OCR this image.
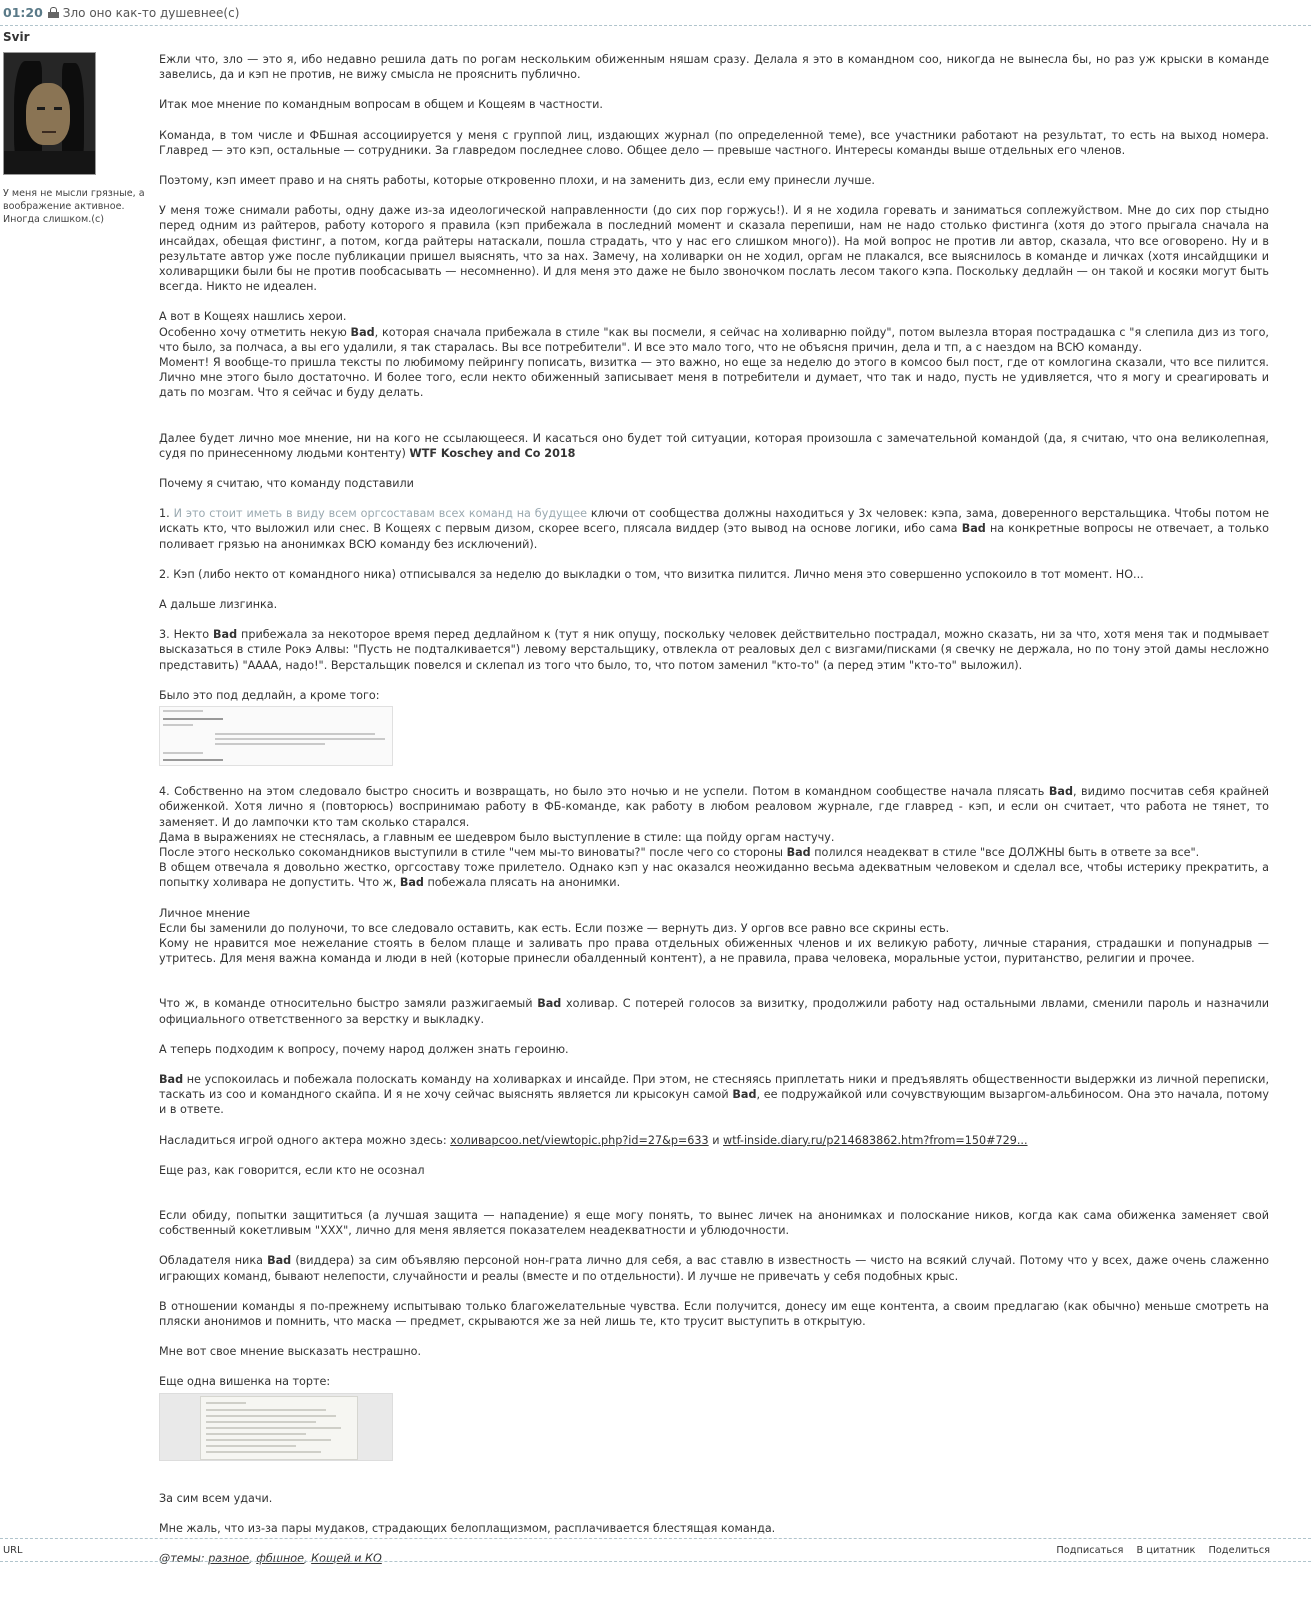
01:20 Зло оно как-то душевнее(с)
Svir
У меня не мысли грязные, а воображение активное. Иногда слишком.(с)

Ежли что, зло — это я, ибо недавно решила дать по рогам нескольким обиженным няшам сразу. Делала я это в командном соо, никогда не вынесла бы, но раз уж крыски в команде завелись, да и кэп не против, не вижу смысла не прояснить публично.

Итак мое мнение по командным вопросам в общем и Кощеям в частности.

Команда, в том числе и ФБшная ассоциируется у меня с группой лиц, издающих журнал (по определенной теме), все участники работают на результат, то есть на выход номера. Главред — это кэп, остальные — сотрудники. За главредом последнее слово. Общее дело — превыше частного. Интересы команды выше отдельных его членов.

Поэтому, кэп имеет право и на снять работы, которые откровенно плохи, и на заменить диз, если ему принесли лучше.

У меня тоже снимали работы, одну даже из-за идеологической направленности (до сих пор горжусь!). И я не ходила горевать и заниматься соплежуйством. Мне до сих пор стыдно перед одним из райтеров, работу которого я правила (кэп прибежала в последний момент и сказала перепиши, нам не надо столько фистинга (хотя до этого прыгала сначала на инсайдах, обещая фистинг, а потом, когда райтеры натаскали, пошла страдать, что у нас его слишком много)). На мой вопрос не против ли автор, сказала, что все оговорено. Ну и в результате автор уже после публикации пришел выяснять, что за нах. Замечу, на холиварки он не ходил, оргам не плакался, все выяснилось в команде и личках (хотя инсайдщики и холиварщики были бы не против пообсасывать — несомненно). И для меня это даже не было звоночком послать лесом такого кэпа. Поскольку дедлайн — он такой и косяки могут быть всегда. Никто не идеален.

А вот в Кощеях нашлись херои.

Особенно хочу отметить некую Bad, которая сначала прибежала в стиле "как вы посмели, я сейчас на холиварню пойду", потом вылезла вторая пострадашка с "я слепила диз из того, что было, за полчаса, а вы его удалили, я так старалась. Вы все потребители". И все это мало того, что не объясня причин, дела и тп, а с наездом на ВСЮ команду.

Момент! Я вообще-то пришла тексты по любимому пейрингу пописать, визитка — это важно, но еще за неделю до этого в комсоо был пост, где от комлогина сказали, что все пилится. Лично мне этого было достаточно. И более того, если некто обиженный записывает меня в потребители и думает, что так и надо, пусть не удивляется, что я могу и среагировать и дать по мозгам. Что я сейчас и буду делать.

Далее будет лично мое мнение, ни на кого не ссылающееся. И касаться оно будет той ситуации, которая произошла с замечательной командой (да, я считаю, что она великолепная, судя по принесенному людьми контенту) WTF Koschey and Co 2018

Почему я считаю, что команду подставили

1. И это стоит иметь в виду всем оргсоставам всех команд на будущее ключи от сообщества должны находиться у 3х человек: кэпа, зама, доверенного верстальщика. Чтобы потом не искать кто, что выложил или снес. В Кощеях с первым дизом, скорее всего, плясала виддер (это вывод на основе логики, ибо сама Bad на конкретные вопросы не отвечает, а только поливает грязью на анонимках ВСЮ команду без исключений).

2. Кэп (либо некто от командного ника) отписывался за неделю до выкладки о том, что визитка пилится. Лично меня это совершенно успокоило в тот момент. НО...

А дальше лизгинка.

3. Некто Bad прибежала за некоторое время перед дедлайном к (тут я ник опущу, поскольку человек действительно пострадал, можно сказать, ни за что, хотя меня так и подмывает высказаться в стиле Рокэ Алвы: "Пусть не подталкивается") левому верстальщику, отвлекла от реаловых дел с визгами/писками (я свечку не держала, но по тону этой дамы несложно представить) "АААА, надо!". Верстальщик повелся и склепал из того что было, то, что потом заменил "кто-то" (а перед этим "кто-то" выложил).

Было это под дедлайн, а кроме того:

4. Собственно на этом следовало быстро сносить и возвращать, но было это ночью и не успели. Потом в командном сообществе начала плясать Bad, видимо посчитав себя крайней обиженкой. Хотя лично я (повторюсь) воспринимаю работу в ФБ-команде, как работу в любом реаловом журнале, где главред - кэп, и если он считает, что работа не тянет, то заменяет. И до лампочки кто там сколько старался.

Дама в выражениях не стеснялась, а главным ее шедевром было выступление в стиле: ща пойду оргам настучу.

После этого несколько сокомандников выступили в стиле "чем мы-то виноваты?" после чего со стороны Bad полился неадекват в стиле "все ДОЛЖНЫ быть в ответе за все".

В общем отвечала я довольно жестко, оргсоставу тоже прилетело. Однако кэп у нас оказался неожиданно весьма адекватным человеком и сделал все, чтобы истерику прекратить, а попытку холивара не допустить. Что ж, Bad побежала плясать на анонимки.

Личное мнение

Если бы заменили до полуночи, то все следовало оставить, как есть. Если позже — вернуть диз. У оргов все равно все скрины есть.

Кому не нравится мое нежелание стоять в белом плаще и заливать про права отдельных обиженных членов и их великую работу, личные старания, страдашки и попунадрыв — утритесь. Для меня важна команда и люди в ней (которые принесли обалденный контент), а не правила, права человека, моральные устои, пуританство, религии и прочее.

Что ж, в команде относительно быстро замяли разжигаемый Bad холивар. С потерей голосов за визитку, продолжили работу над остальными лвлами, сменили пароль и назначили официального ответственного за верстку и выкладку.

А теперь подходим к вопросу, почему народ должен знать героиню.

Bad не успокоилась и побежала полоскать команду на холиварках и инсайде. При этом, не стесняясь приплетать ники и предъявлять общественности выдержки из личной переписки, таскать из соо и командного скайпа. И я не хочу сейчас выяснять является ли крысокун самой Bad, ее подружайкой или сочувствующим вызаргом-альбиносом. Она это начала, потому и в ответе.

Насладиться игрой одного актера можно здесь: холиварсоо.net/viewtopic.php?id=27&p=633 и wtf-inside.diary.ru/p214683862.htm?from=150#729...

Еще раз, как говорится, если кто не осознал

Если обиду, попытки защититься (а лучшая защита — нападение) я еще могу понять, то вынес личек на анонимках и полоскание ников, когда как сама обиженка заменяет свой собственный кокетливым "ХХХ", лично для меня является показателем неадекватности и ублюдочности.

Обладателя ника Bad (виддера) за сим объявляю персоной нон-грата лично для себя, а вас ставлю в известность — чисто на всякий случай. Потому что у всех, даже очень слаженно играющих команд, бывают нелепости, случайности и реалы (вместе и по отдельности). И лучше не привечать у себя подобных крыс.

В отношении команды я по-прежнему испытываю только благожелательные чувства. Если получится, донесу им еще контента, а своим предлагаю (как обычно) меньше смотреть на пляски анонимов и помнить, что маска — предмет, скрываются же за ней лишь те, кто трусит выступить в открытую.

Мне вот свое мнение высказать нестрашно.

Еще одна вишенка на торте:

За сим всем удачи.

Мне жаль, что из-за пары мудаков, страдающих белоплащизмом, расплачивается блестящая команда.

@темы: разное, фбшное, Кощей и КО

URL	Подписаться В цитатник Поделиться
